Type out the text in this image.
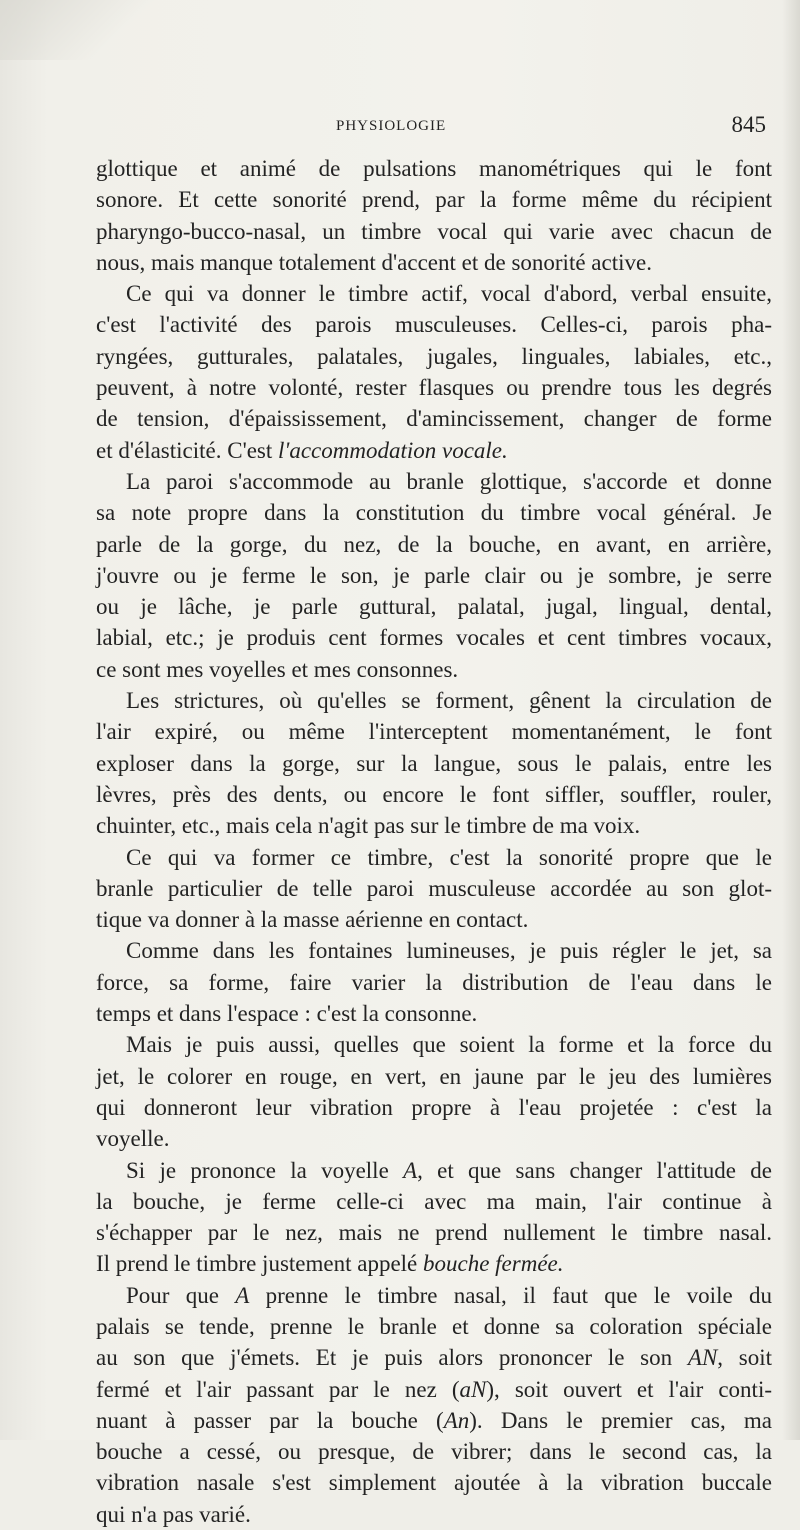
PHYSIOLOGIE	845

glottique et animé de pulsations manométriques qui le font

sonore. Et cette sonorité prend, par la forme même du récipient

pharyngo-bucco-nasal, un timbre vocal qui varie avec chacun de

nous, mais manque totalement d'accent et de sonorité active.

Ce qui va donner le timbre actif, vocal d'abord, verbal ensuite,

c'est l'activité des parois musculeuses. Celles-ci, parois pha-

ryngées, gutturales, palatales, jugales, linguales, labiales, etc.,

peuvent, à notre volonté, rester flasques ou prendre tous les degrés

de tension, d'épaississement, d'amincissement, changer de forme

et d'élasticité. C'est l'accommodation vocale.

La paroi s'accommode au branle glottique, s'accorde et donne

sa note propre dans la constitution du timbre vocal général. Je

parle de la gorge, du nez, de la bouche, en avant, en arrière,

j'ouvre ou je ferme le son, je parle clair ou je sombre, je serre

ou je lâche, je parle guttural, palatal, jugal, lingual, dental,

labial, etc.; je produis cent formes vocales et cent timbres vocaux,

ce sont mes voyelles et mes consonnes.

Les strictures, où qu'elles se forment, gênent la circulation de

l'air expiré, ou même l'interceptent momentanément, le font

exploser dans la gorge, sur la langue, sous le palais, entre les

lèvres, près des dents, ou encore le font siffler, souffler, rouler,

chuinter, etc., mais cela n'agit pas sur le timbre de ma voix.

Ce qui va former ce timbre, c'est la sonorité propre que le

branle particulier de telle paroi musculeuse accordée au son glot-

tique va donner à la masse aérienne en contact.

Comme dans les fontaines lumineuses, je puis régler le jet, sa

force, sa forme, faire varier la distribution de l'eau dans le

temps et dans l'espace : c'est la consonne.

Mais je puis aussi, quelles que soient la forme et la force du

jet, le colorer en rouge, en vert, en jaune par le jeu des lumières

qui donneront leur vibration propre à l'eau projetée : c'est la

voyelle.

Si je prononce la voyelle A, et que sans changer l'attitude de

la bouche, je ferme celle-ci avec ma main, l'air continue à

s'échapper par le nez, mais ne prend nullement le timbre nasal.

Il prend le timbre justement appelé bouche fermée.

Pour que A prenne le timbre nasal, il faut que le voile du

palais se tende, prenne le branle et donne sa coloration spéciale

au son que j'émets. Et je puis alors prononcer le son AN, soit

fermé et l'air passant par le nez (aN), soit ouvert et l'air conti-

nuant à passer par la bouche (An). Dans le premier cas, ma

bouche a cessé, ou presque, de vibrer; dans le second cas, la

vibration nasale s'est simplement ajoutée à la vibration buccale

qui n'a pas varié.
